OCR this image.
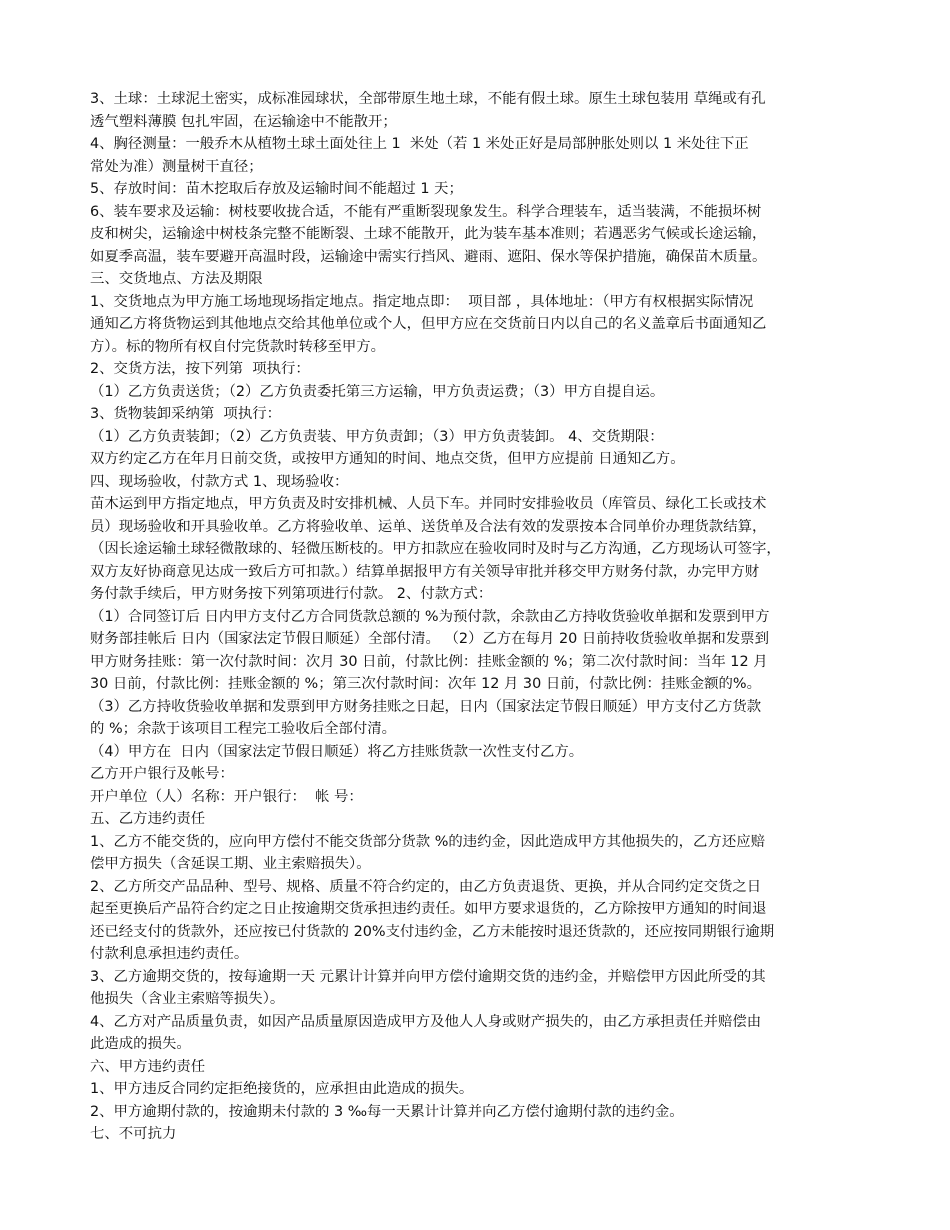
3、土球：土球泥土密实，成标准园球状，全部带原生地土球，不能有假土球。原生土球包装用 草绳或有孔
透气塑料薄膜 包扎牢固，在运输途中不能散开；
4、胸径测量：一般乔木从植物土球土面处往上 1  米处（若 1 米处正好是局部肿胀处则以 1 米处往下正
常处为准）测量树干直径；
5、存放时间：苗木挖取后存放及运输时间不能超过 1 天；
6、装车要求及运输：树枝要收拢合适，不能有严重断裂现象发生。科学合理装车，适当装满，不能损坏树
皮和树尖，运输途中树枝条完整不能断裂、土球不能散开，此为装车基本准则；若遇恶劣气候或长途运输，
如夏季高温，装车要避开高温时段，运输途中需实行挡风、避雨、遮阳、保水等保护措施，确保苗木质量。
三、交货地点、方法及期限
1、交货地点为甲方施工场地现场指定地点。指定地点即：  项目部 ，具体地址：（甲方有权根据实际情况
通知乙方将货物运到其他地点交给其他单位或个人，但甲方应在交货前日内以自己的名义盖章后书面通知乙
方）。标的物所有权自付完货款时转移至甲方。
2、交货方法，按下列第  项执行：
（1）乙方负责送货；（2）乙方负责委托第三方运输，甲方负责运费；（3）甲方自提自运。
3、货物装卸采纳第  项执行：
（1）乙方负责装卸；（2）乙方负责装、甲方负责卸；（3）甲方负责装卸。 4、交货期限：
双方约定乙方在年月日前交货，或按甲方通知的时间、地点交货，但甲方应提前 日通知乙方。
四、现场验收，付款方式 1、现场验收：
苗木运到甲方指定地点，甲方负责及时安排机械、人员下车。并同时安排验收员（库管员、绿化工长或技术
员）现场验收和开具验收单。乙方将验收单、运单、送货单及合法有效的发票按本合同单价办理货款结算，
（因长途运输土球轻微散球的、轻微压断枝的。甲方扣款应在验收同时及时与乙方沟通，乙方现场认可签字，
双方友好协商意见达成一致后方可扣款。）结算单据报甲方有关领导审批并移交甲方财务付款，办完甲方财
务付款手续后，甲方财务按下列第项进行付款。 2、付款方式：
（1）合同签订后 日内甲方支付乙方合同货款总额的 %为预付款，余款由乙方持收货验收单据和发票到甲方
财务部挂帐后 日内（国家法定节假日顺延）全部付清。 （2）乙方在每月 20 日前持收货验收单据和发票到
甲方财务挂账：第一次付款时间：次月 30 日前，付款比例：挂账金额的 %；第二次付款时间：当年 12 月
30 日前，付款比例：挂账金额的 %；第三次付款时间：次年 12 月 30 日前，付款比例：挂账金额的%。
（3）乙方持收货验收单据和发票到甲方财务挂账之日起，日内（国家法定节假日顺延）甲方支付乙方货款
的 %；余款于该项目工程完工验收后全部付清。
（4）甲方在  日内（国家法定节假日顺延）将乙方挂账货款一次性支付乙方。
乙方开户银行及帐号：
开户单位（人）名称：开户银行：  帐 号：
五、乙方违约责任
1、乙方不能交货的，应向甲方偿付不能交货部分货款 %的违约金，因此造成甲方其他损失的，乙方还应赔
偿甲方损失（含延误工期、业主索赔损失）。
2、乙方所交产品品种、型号、规格、质量不符合约定的，由乙方负责退货、更换，并从合同约定交货之日
起至更换后产品符合约定之日止按逾期交货承担违约责任。如甲方要求退货的，乙方除按甲方通知的时间退
还已经支付的货款外，还应按已付货款的 20%支付违约金，乙方未能按时退还货款的，还应按同期银行逾期
付款利息承担违约责任。
3、乙方逾期交货的，按每逾期一天 元累计计算并向甲方偿付逾期交货的违约金，并赔偿甲方因此所受的其
他损失（含业主索赔等损失）。
4、乙方对产品质量负责，如因产品质量原因造成甲方及他人人身或财产损失的，由乙方承担责任并赔偿由
此造成的损失。
六、甲方违约责任
1、甲方违反合同约定拒绝接货的，应承担由此造成的损失。
2、甲方逾期付款的，按逾期未付款的 3 ‰每一天累计计算并向乙方偿付逾期付款的违约金。
七、不可抗力
